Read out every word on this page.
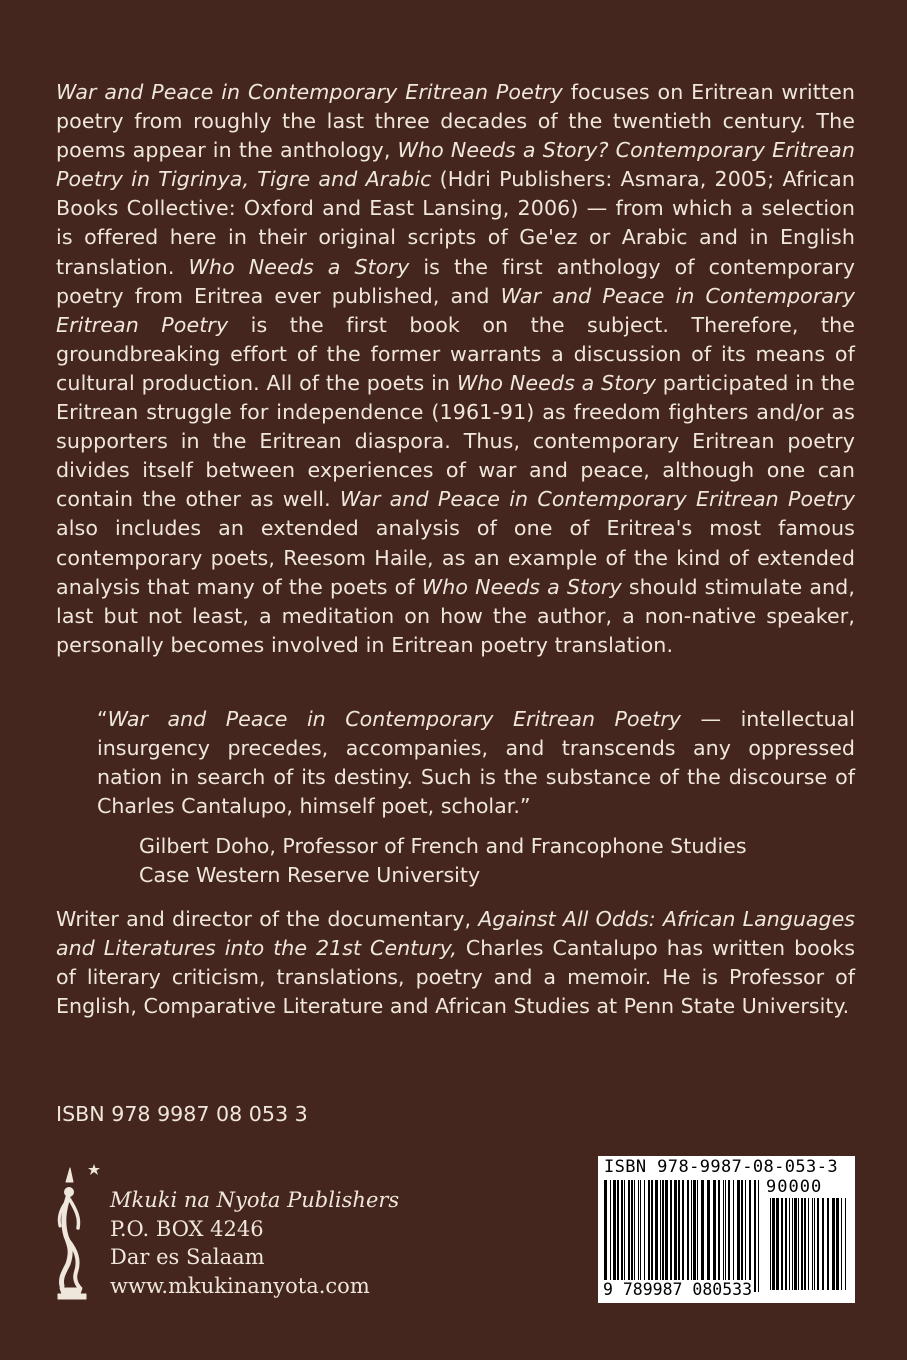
War and Peace in Contemporary Eritrean Poetry focuses on Eritrean written poetry from roughly the last three decades of the twentieth century. The poems appear in the anthology, Who Needs a Story? Contemporary Eritrean Poetry in Tigrinya, Tigre and Arabic (Hdri Publishers: Asmara, 2005; African Books Collective: Oxford and East Lansing, 2006) — from which a selection is offered here in their original scripts of Ge'ez or Arabic and in English translation. Who Needs a Story is the first anthology of contemporary poetry from Eritrea ever published, and War and Peace in Contemporary Eritrean Poetry is the first book on the subject. Therefore, the groundbreaking effort of the former warrants a discussion of its means of cultural production. All of the poets in Who Needs a Story participated in the Eritrean struggle for independence (1961-91) as freedom fighters and/or as supporters in the Eritrean diaspora. Thus, contemporary Eritrean poetry divides itself between experiences of war and peace, although one can contain the other as well. War and Peace in Contemporary Eritrean Poetry also includes an extended analysis of one of Eritrea's most famous contemporary poets, Reesom Haile, as an example of the kind of extended analysis that many of the poets of Who Needs a Story should stimulate and, last but not least, a meditation on how the author, a non-native speaker, personally becomes involved in Eritrean poetry translation.

“War and Peace in Contemporary Eritrean Poetry — intellectual insurgency precedes, accompanies, and transcends any oppressed nation in search of its destiny. Such is the substance of the discourse of Charles Cantalupo, himself poet, scholar.”

Gilbert Doho, Professor of French and Francophone Studies
Case Western Reserve University

Writer and director of the documentary, Against All Odds: African Languages and Literatures into the 21st Century, Charles Cantalupo has written books of literary criticism, translations, poetry and a memoir. He is Professor of English, Comparative Literature and African Studies at Penn State University.

ISBN 978 9987 08 053 3

Mkuki na Nyota Publishers
P.O. BOX 4246
Dar es Salaam
www.mkukinanyota.com
ISBN 978-9987-08-053-3
90000
9 789987 080533
